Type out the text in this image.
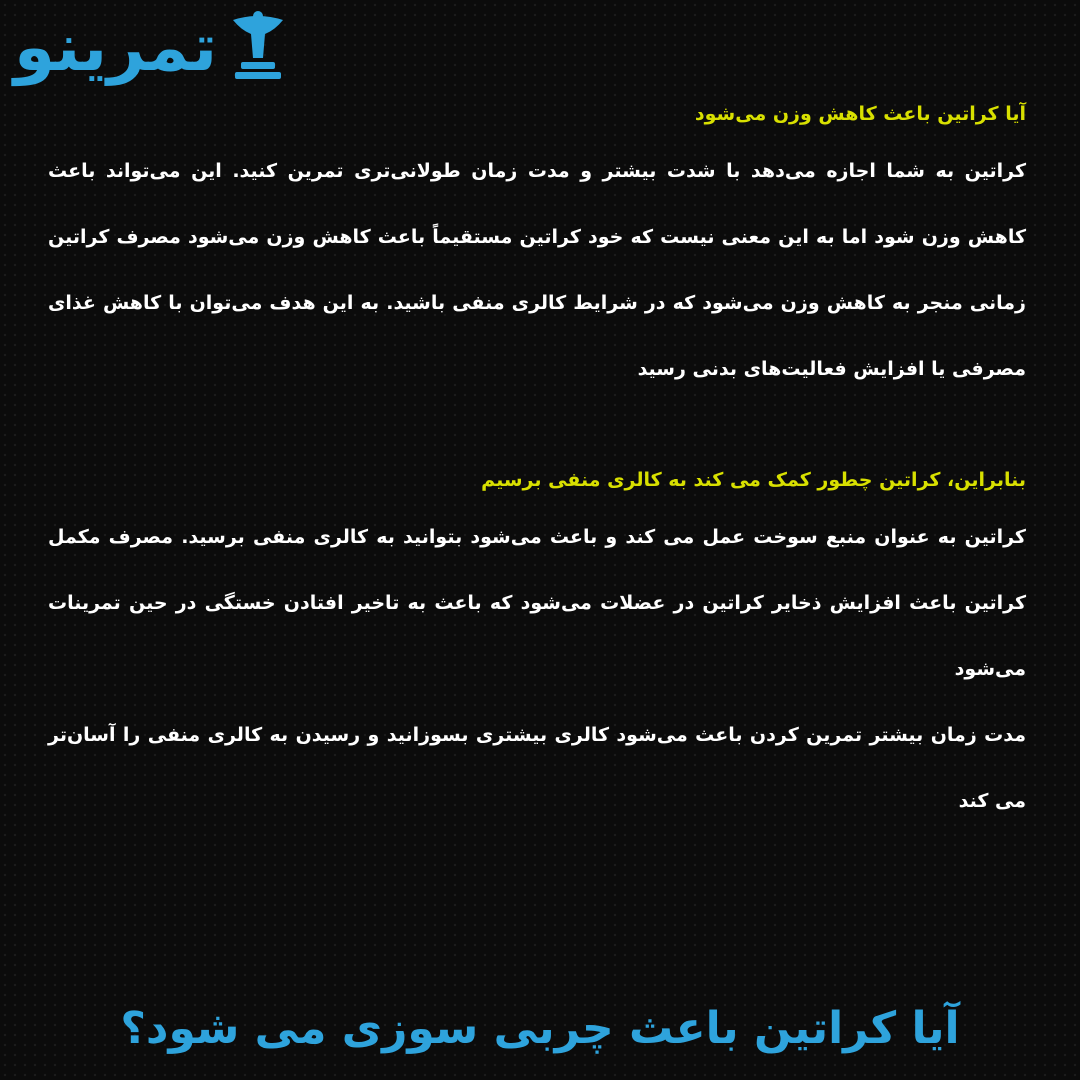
تمرینو
آیا کراتین باعث کاهش وزن می‌شود

کراتین به شما اجازه می‌دهد با شدت بیشتر و مدت زمان طولانی‌تری تمرین کنید. این می‌تواند باعث کاهش وزن شود اما به این معنی نیست که خود کراتین مستقیماً باعث کاهش وزن می‌شود مصرف کراتین زمانی منجر به کاهش وزن می‌شود که در شرایط کالری منفی باشید. به این هدف می‌توان با کاهش غذای مصرفی یا افزایش فعالیت‌های بدنی رسید

بنابراین، کراتین چطور کمک می کند به کالری منفی برسیم

کراتین به عنوان منبع سوخت عمل می کند و باعث می‌شود بتوانید به کالری منفی برسید. مصرف مکمل کراتین باعث افزایش ذخایر کراتین در عضلات می‌شود که باعث به تاخیر افتادن خستگی در حین تمرینات می‌شود

مدت زمان بیشتر تمرین کردن باعث می‌شود کالری بیشتری بسوزانید و رسیدن به کالری منفی را آسان‌تر می کند

آیا کراتین باعث چربی سوزی می شود؟
